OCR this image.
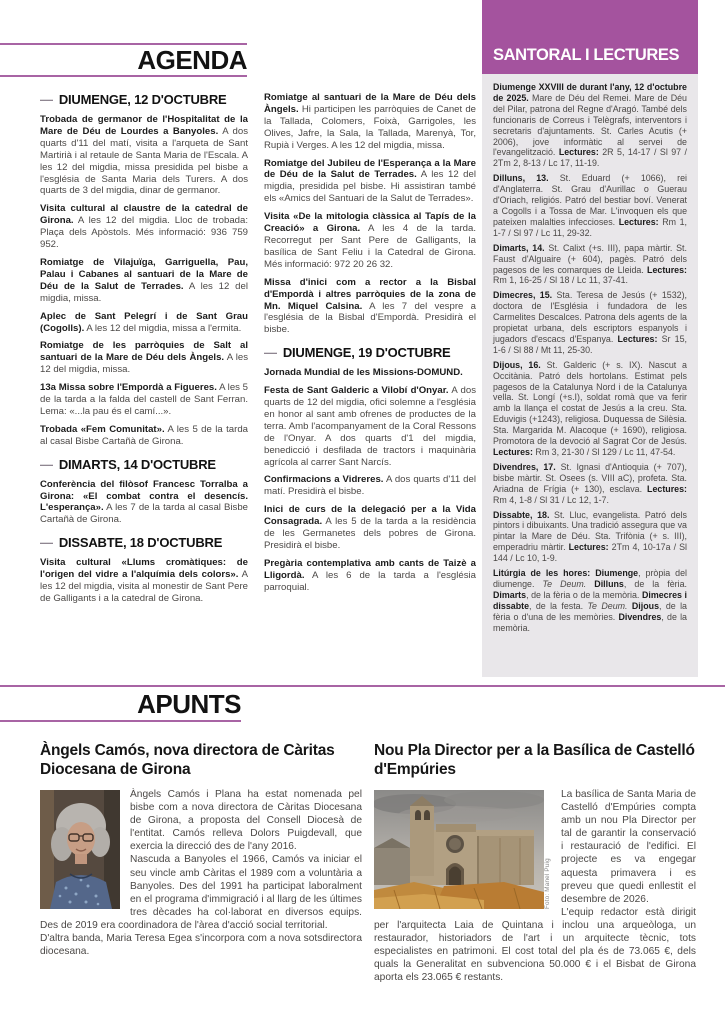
AGENDA
— DIUMENGE, 12 D'OCTUBRE

Trobada de germanor de l'Hospitalitat de la Mare de Déu de Lourdes a Banyoles. A dos quarts d'11 del matí, visita a l'arqueta de Sant Martirià i al retaule de Santa Maria de l'Escala. A les 12 del migdia, missa presidida pel bisbe a l'església de Santa Maria dels Turers. A dos quarts de 3 del migdia, dinar de germanor.

Visita cultural al claustre de la catedral de Girona. A les 12 del migdia. Lloc de trobada: Plaça dels Apòstols. Més informació: 936 759 952.

Romiatge de Vilajuïga, Garriguella, Pau, Palau i Cabanes al santuari de la Mare de Déu de la Salut de Terrades. A les 12 del migdia, missa.

Aplec de Sant Pelegrí i de Sant Grau (Cogolls). A les 12 del migdia, missa a l'ermita.

Romiatge de les parròquies de Salt al santuari de la Mare de Déu dels Àngels. A les 12 del migdia, missa.

13a Missa sobre l'Empordà a Figueres. A les 5 de la tarda a la falda del castell de Sant Ferran. Lema: «...la pau és el camí...».

Trobada «Fem Comunitat». A les 5 de la tarda al casal Bisbe Cartañà de Girona.

— DIMARTS, 14 D'OCTUBRE

Conferència del filòsof Francesc Torralba a Girona: «El combat contra el desencís. L'esperança». A les 7 de la tarda al casal Bisbe Cartañà de Girona.

— DISSABTE, 18 D'OCTUBRE

Visita cultural «Llums cromàtiques: de l'origen del vidre a l'alquímia dels colors». A les 12 del migdia, visita al monestir de Sant Pere de Galligants i a la catedral de Girona.

Romiatge al santuari de la Mare de Déu dels Àngels. Hi participen les parròquies de Canet de la Tallada, Colomers, Foixà, Garrigoles, les Olives, Jafre, la Sala, la Tallada, Marenyà, Tor, Rupià i Verges. A les 12 del migdia, missa.

Romiatge del Jubileu de l'Esperança a la Mare de Déu de la Salut de Terrades. A les 12 del migdia, presidida pel bisbe. Hi assistiran també els «Amics del Santuari de la Salut de Terrades».

Visita «De la mitologia clàssica al Tapís de la Creació» a Girona. A les 4 de la tarda. Recorregut per Sant Pere de Galligants, la basílica de Sant Feliu i la Catedral de Girona. Més informació: 972 20 26 32.

Missa d'inici com a rector a la Bisbal d'Empordà i altres parròquies de la zona de Mn. Miquel Calsina. A les 7 del vespre a l'església de la Bisbal d'Empordà. Presidirà el bisbe.

— DIUMENGE, 19 D'OCTUBRE

Jornada Mundial de les Missions-DOMUND.

Festa de Sant Galderic a Vilobí d'Onyar. A dos quarts de 12 del migdia, ofici solemne a l'església en honor al sant amb ofrenes de productes de la terra. Amb l'acompanyament de la Coral Ressons de l'Onyar. A dos quarts d'1 del migdia, benedicció i desfilada de tractors i maquinària agrícola al carrer Sant Narcís.

Confirmacions a Vidreres. A dos quarts d'11 del matí. Presidirà el bisbe.

Inici de curs de la delegació per a la Vida Consagrada. A les 5 de la tarda a la residència de les Germanetes dels pobres de Girona. Presidirà el bisbe.

Pregària contemplativa amb cants de Taizè a Lligordà. A les 6 de la tarda a l'església parroquial.

SANTORAL I LECTURES

Diumenge XXVIII de durant l'any, 12 d'octubre de 2025. Mare de Déu del Remei. Mare de Déu del Pilar, patrona del Regne d'Aragó. També dels funcionaris de Correus i Telègrafs, interventors i secretaris d'ajuntaments. St. Carles Acutis (+ 2006), jove informàtic al servei de l'evangelització. Lectures: 2R 5, 14-17 / Sl 97 / 2Tm 2, 8-13 / Lc 17, 11-19.

Dilluns, 13. St. Eduard (+ 1066), rei d'Anglaterra. St. Grau d'Aurillac o Guerau d'Oriach, religiós. Patró del bestiar boví. Venerat a Cogolls i a Tossa de Mar. L'invoquen els que pateixen malalties infeccioses. Lectures: Rm 1, 1-7 / Sl 97 / Lc 11, 29-32.

Dimarts, 14. St. Calixt (+s. III), papa màrtir. St. Faust d'Alguaire (+ 604), pagès. Patró dels pagesos de les comarques de Lleida. Lectures: Rm 1, 16-25 / Sl 18 / Lc 11, 37-41.

Dimecres, 15. Sta. Teresa de Jesús (+ 1532), doctora de l'Església i fundadora de les Carmelites Descalces. Patrona dels agents de la propietat urbana, dels escriptors espanyols i jugadors d'escacs d'Espanya. Lectures: Sr 15, 1-6 / Sl 88 / Mt 11, 25-30.

Dijous, 16. St. Galderic (+ s. IX). Nascut a Occitània. Patró dels hortolans. Estimat pels pagesos de la Catalunya Nord i de la Catalunya vella. St. Longí (+s.I), soldat romà que va ferir amb la llança el costat de Jesús a la creu. Sta. Eduvigis (+1243), religiosa. Duquessa de Silèsia. Sta. Margarida M. Alacoque (+ 1690), religiosa. Promotora de la devoció al Sagrat Cor de Jesús. Lectures: Rm 3, 21-30 / Sl 129 / Lc 11, 47-54.

Divendres, 17. St. Ignasi d'Antioquia (+ 707), bisbe màrtir. St. Osees (s. VIII aC), profeta. Sta. Ariadna de Frígia (+ 130), esclava. Lectures: Rm 4, 1-8 / Sl 31 / Lc 12, 1-7.

Dissabte, 18. St. Lluc, evangelista. Patró dels pintors i dibuixants. Una tradició assegura que va pintar la Mare de Déu. Sta. Trifònia (+ s. III), emperadriu màrtir. Lectures: 2Tm 4, 10-17a / Sl 144 / Lc 10, 1-9.

Litúrgia de les hores: Diumenge, pròpia del diumenge. Te Deum. Dilluns, de la fèria. Dimarts, de la fèria o de la memòria. Dimecres i dissabte, de la festa. Te Deum. Dijous, de la fèria o d'una de les memòries. Divendres, de la memòria.

APUNTS
Àngels Camós, nova directora de Càritas Diocesana de Girona

Àngels Camós i Plana ha estat nomenada pel bisbe com a nova directora de Càritas Diocesana de Girona, a proposta del Consell Diocesà de l'entitat. Camós relleva Dolors Puigdevall, que exercia la direcció des de l'any 2016.

Nascuda a Banyoles el 1966, Camós va iniciar el seu vincle amb Càritas el 1989 com a voluntària a Banyoles. Des del 1991 ha participat laboralment en el programa d'immigració i al llarg de les últimes tres dècades ha col·laborat en diversos equips. Des de 2019 era coordinadora de l'àrea d'acció social territorial.

D'altra banda, Maria Teresa Egea s'incorpora com a nova sotsdirectora diocesana.

Nou Pla Director per a la Basílica de Castelló d'Empúries
Foto: Manel Puig

La basílica de Santa Maria de Castelló d'Empúries compta amb un nou Pla Director per tal de garantir la conservació i restauració de l'edifici. El projecte es va engegar aquesta primavera i es preveu que quedi enllestit el desembre de 2026.

L'equip redactor està dirigit per l'arquitecta Laia de Quintana i inclou una arqueòloga, un restaurador, historiadors de l'art i un arquitecte tècnic, tots especialistes en patrimoni. El cost total del pla és de 73.065 €, dels quals la Generalitat en subvenciona 50.000 € i el Bisbat de Girona aporta els 23.065 € restants.
